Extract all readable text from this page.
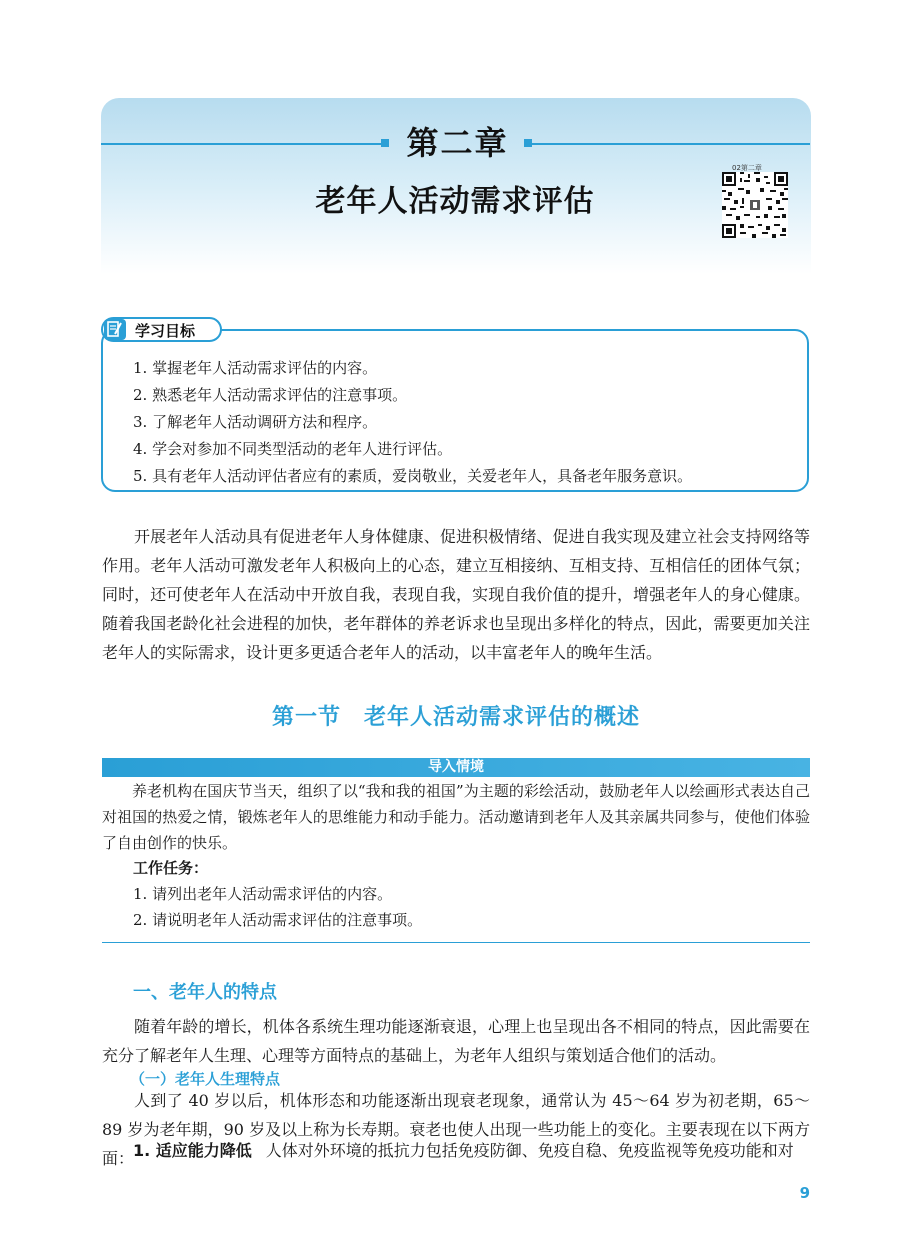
第二章
老年人活动需求评估
02第二章
学习目标
1. 掌握老年人活动需求评估的内容。
2. 熟悉老年人活动需求评估的注意事项。
3. 了解老年人活动调研方法和程序。
4. 学会对参加不同类型活动的老年人进行评估。
5. 具有老年人活动评估者应有的素质，爱岗敬业，关爱老年人，具备老年服务意识。

开展老年人活动具有促进老年人身体健康、促进积极情绪、促进自我实现及建立社会支持网络等作用。老年人活动可激发老年人积极向上的心态，建立互相接纳、互相支持、互相信任的团体气氛；同时，还可使老年人在活动中开放自我，表现自我，实现自我价值的提升，增强老年人的身心健康。随着我国老龄化社会进程的加快，老年群体的养老诉求也呈现出多样化的特点，因此，需要更加关注老年人的实际需求，设计更多更适合老年人的活动，以丰富老年人的晚年生活。

第一节　老年人活动需求评估的概述
导入情境

养老机构在国庆节当天，组织了以“我和我的祖国”为主题的彩绘活动，鼓励老年人以绘画形式表达自己对祖国的热爱之情，锻炼老年人的思维能力和动手能力。活动邀请到老年人及其亲属共同参与，使他们体验了自由创作的快乐。

工作任务：
1. 请列出老年人活动需求评估的内容。
2. 请说明老年人活动需求评估的注意事项。
一、老年人的特点

随着年龄的增长，机体各系统生理功能逐渐衰退，心理上也呈现出各不相同的特点，因此需要在充分了解老年人生理、心理等方面特点的基础上，为老年人组织与策划适合他们的活动。

（一）老年人生理特点

人到了 40 岁以后，机体形态和功能逐渐出现衰老现象，通常认为 45～64 岁为初老期，65～89 岁为老年期，90 岁及以上称为长寿期。衰老也使人出现一些功能上的变化。主要表现在以下两方面：

1. 适应能力降低 人体对外环境的抵抗力包括免疫防御、免疫自稳、免疫监视等免疫功能和对
9
